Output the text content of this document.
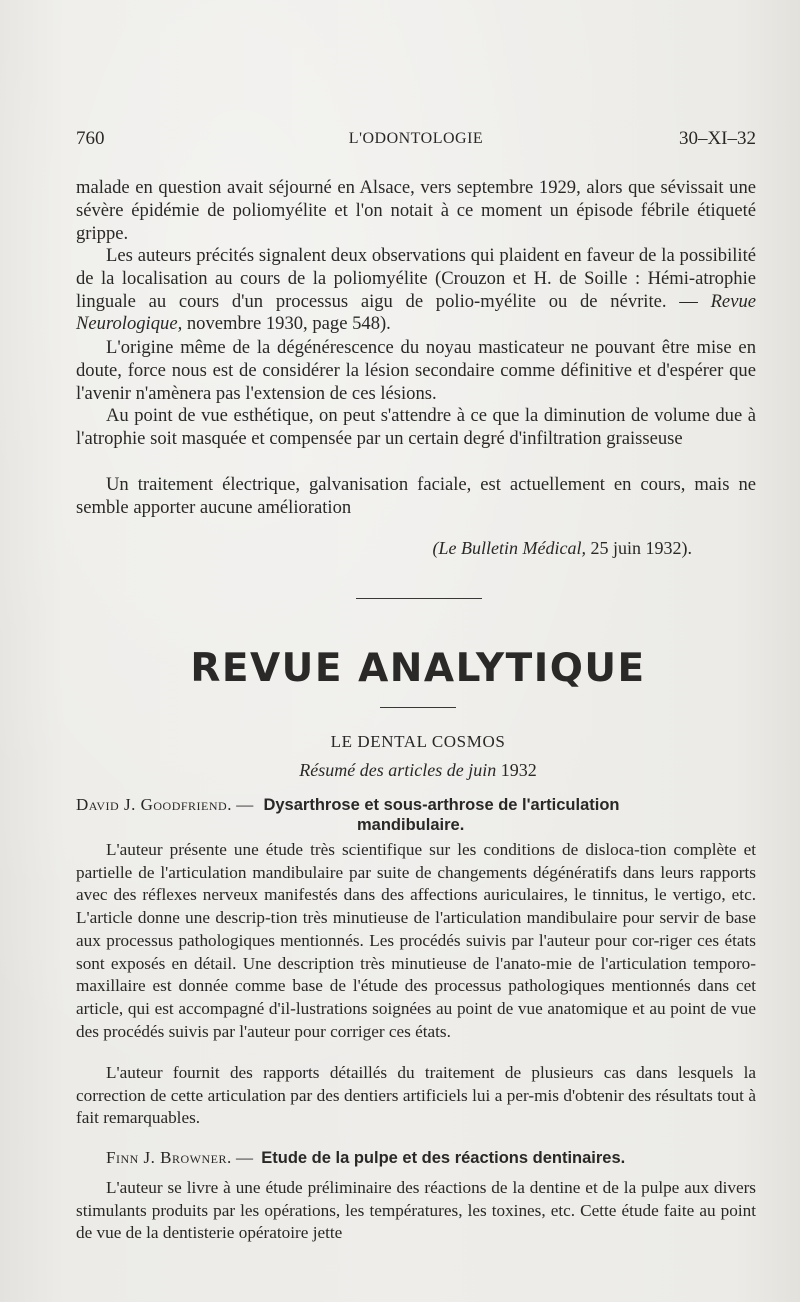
760	L'ODONTOLOGIE	30–XI–32

malade en question avait séjourné en Alsace, vers septembre 1929, alors que sévissait une sévère épidémie de poliomyélite et l'on notait à ce moment un épisode fébrile étiqueté grippe.

Les auteurs précités signalent deux observations qui plaident en faveur de la possibilité de la localisation au cours de la poliomyélite (Crouzon et H. de Soille : Hémi-atrophie linguale au cours d'un processus aigu de polio-myélite ou de névrite. — Revue Neurologique, novembre 1930, page 548).

L'origine même de la dégénérescence du noyau masticateur ne pouvant être mise en doute, force nous est de considérer la lésion secondaire comme définitive et d'espérer que l'avenir n'amènera pas l'extension de ces lésions.

Au point de vue esthétique, on peut s'attendre à ce que la diminution de volume due à l'atrophie soit masquée et compensée par un certain degré d'infiltration graisseuse

Un traitement électrique, galvanisation faciale, est actuellement en cours, mais ne semble apporter aucune amélioration

(Le Bulletin Médical, 25 juin 1932).
REVUE ANALYTIQUE
LE DENTAL COSMOS
Résumé des articles de juin 1932
David J. Goodfriend. — Dysarthrose et sous-arthrose de l'articulation
mandibulaire.

L'auteur présente une étude très scientifique sur les conditions de disloca-tion complète et partielle de l'articulation mandibulaire par suite de changements dégénératifs dans leurs rapports avec des réflexes nerveux manifestés dans des affections auriculaires, le tinnitus, le vertigo, etc. L'article donne une descrip-tion très minutieuse de l'articulation mandibulaire pour servir de base aux processus pathologiques mentionnés. Les procédés suivis par l'auteur pour cor-riger ces états sont exposés en détail. Une description très minutieuse de l'anato-mie de l'articulation temporo-maxillaire est donnée comme base de l'étude des processus pathologiques mentionnés dans cet article, qui est accompagné d'il-lustrations soignées au point de vue anatomique et au point de vue des procédés suivis par l'auteur pour corriger ces états.

L'auteur fournit des rapports détaillés du traitement de plusieurs cas dans lesquels la correction de cette articulation par des dentiers artificiels lui a per-mis d'obtenir des résultats tout à fait remarquables.

Finn J. Browner. — Etude de la pulpe et des réactions dentinaires.

L'auteur se livre à une étude préliminaire des réactions de la dentine et de la pulpe aux divers stimulants produits par les opérations, les températures, les toxines, etc. Cette étude faite au point de vue de la dentisterie opératoire jette
